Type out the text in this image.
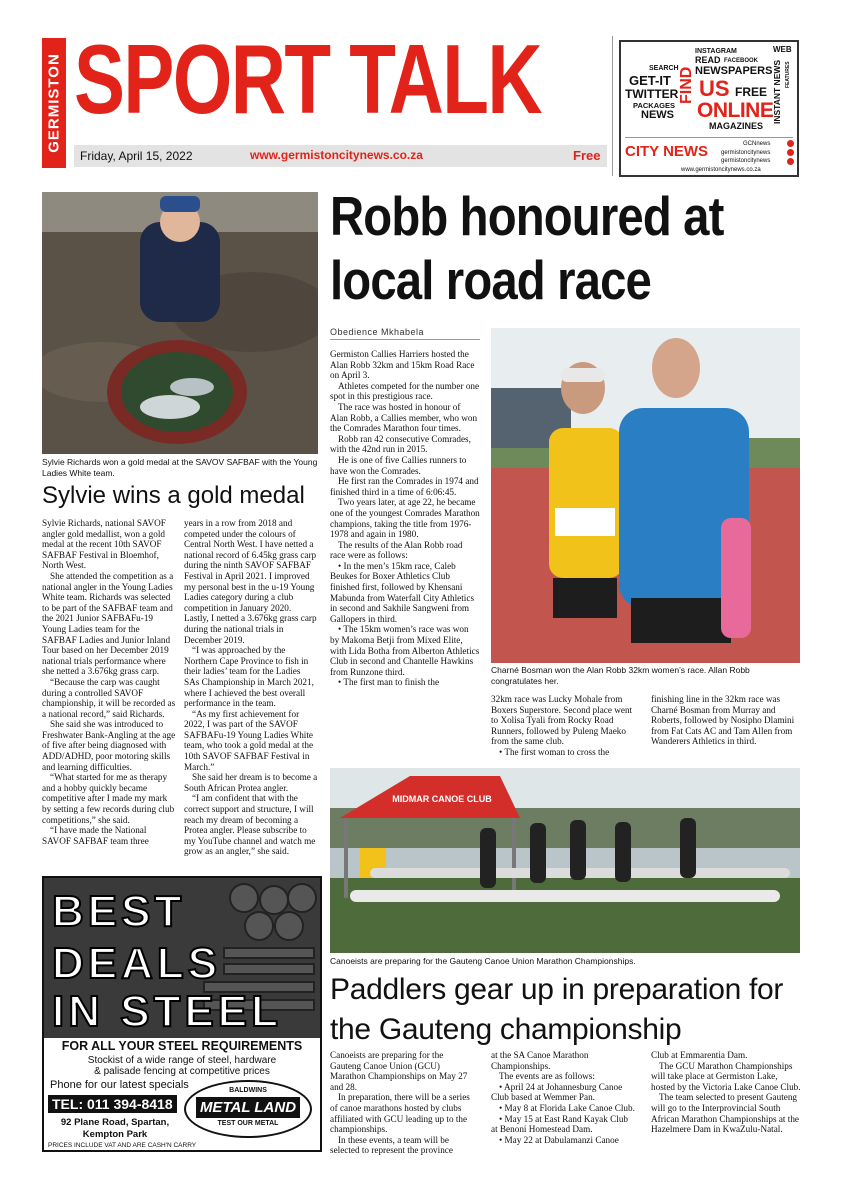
GERMISTON SPORT TALK
Friday, April 15, 2022	www.germistoncitynews.co.za	Free
INSTAGRAM
READ FACEBOOK
WEB
SEARCH NEWSPAPERS
GET-IT FIND	INSTANT NEWS FEATURES
TWITTER US FREE
PACKAGES ONLINE
NEWS
MAGAZINES
CITY NEWS	GCNnews
germistoncitynews
germistoncitynews
www.germistoncitynews.co.za
Sylvie Richards won a gold medal at the SAVOV SAFBAF with the Young Ladies White team.
Sylvie wins a gold medal

Sylvie Richards, national SAVOF angler gold medallist, won a gold medal at the recent 10th SAVOF SAFBAF Festival in Bloemhof, North West.

She attended the competition as a national angler in the Young Ladies White team. Richards was selected to be part of the SAFBAF team and the 2021 Junior SAFBAFu-19 Young Ladies team for the SAFBAF Ladies and Junior Inland Tour based on her December 2019 national trials performance where she netted a 3.676kg grass carp.

“Because the carp was caught during a controlled SAVOF championship, it will be recorded as a national record,” said Richards.

She said she was introduced to Freshwater Bank-Angling at the age of five after being diagnosed with ADD/ADHD, poor motoring skills and learning difficulties.

“What started for me as therapy and a hobby quickly became competitive after I made my mark by setting a few records during club competitions,” she said.

“I have made the National SAVOF SAFBAF team three

years in a row from 2018 and competed under the colours of Central North West. I have netted a national record of 6.45kg grass carp during the ninth SAVOF SAFBAF Festival in April 2021. I improved my personal best in the u-19 Young Ladies category during a club competition in January 2020. Lastly, I netted a 3.676kg grass carp during the national trials in December 2019.

“I was approached by the Northern Cape Province to fish in their ladies’ team for the Ladies SAs Championship in March 2021, where I achieved the best overall performance in the team.

“As my first achievement for 2022, I was part of the SAVOF SAFBAFu-19 Young Ladies White team, who took a gold medal at the 10th SAVOF SAFBAF Festival in March.”

She said her dream is to become a South African Protea angler.

“I am confident that with the correct support and structure, I will reach my dream of becoming a Protea angler. Please subscribe to my YouTube channel and watch me grow as an angler,” she said.

BEST
DEALS
IN STEEL
FOR ALL YOUR STEEL REQUIREMENTS
Stockist of a wide range of steel, hardware
& palisade fencing at competitive prices
Phone for our latest specials
TEL: 011 394-8418
92 Plane Road, Spartan,
Kempton Park
PRICES INCLUDE VAT AND ARE CASH'N CARRY
BALDWINS
METAL LAND
TEST OUR METAL
Robb honoured at local road race
Obedience Mkhabela

Germiston Callies Harriers hosted the Alan Robb 32km and 15km Road Race on April 3.

Athletes competed for the number one spot in this prestigious race.

The race was hosted in honour of Alan Robb, a Callies member, who won the Comrades Marathon four times.

Robb ran 42 consecutive Comrades, with the 42nd run in 2015.

He is one of five Callies runners to have won the Comrades.

He first ran the Comrades in 1974 and finished third in a time of 6:06:45.

Two years later, at age 22, he became one of the youngest Comrades Marathon champions, taking the title from 1976-1978 and again in 1980.

The results of the Alan Robb road race were as follows:

• In the men’s 15km race, Caleb Beukes for Boxer Athletics Club finished first, followed by Khensani Mabunda from Waterfall City Athletics in second and Sakhile Sangweni from Gallopers in third.

• The 15km women’s race was won by Makoma Betji from Mixed Elite, with Lida Botha from Alberton Athletics Club in second and Chantelle Hawkins from Runzone third.

• The first man to finish the

Charné Bosman won the Alan Robb 32km women’s race. Allan Robb congratulates her.

32km race was Lucky Mohale from Boxers Superstore. Second place went to Xolisa Tyali from Rocky Road Runners, followed by Puleng Maeko from the same club.

• The first woman to cross the

finishing line in the 32km race was Charné Bosman from Murray and Roberts, followed by Nosipho Dlamini from Fat Cats AC and Tam Allen from Wanderers Athletics in third.

MIDMAR CANOE CLUB
Canoeists are preparing for the Gauteng Canoe Union Marathon Championships.
Paddlers gear up in preparation for the Gauteng championship

Canoeists are preparing for the Gauteng Canoe Union (GCU) Marathon Championships on May 27 and 28.

In preparation, there will be a series of canoe marathons hosted by clubs affiliated with GCU leading up to the championships.

In these events, a team will be selected to represent the province

at the SA Canoe Marathon Championships.

The events are as follows:

• April 24 at Johannesburg Canoe Club based at Wemmer Pan.

• May 8 at Florida Lake Canoe Club.

• May 15 at East Rand Kayak Club at Benoni Homestead Dam.

• May 22 at Dabulamanzi Canoe

Club at Emmarentia Dam.

The GCU Marathon Championships will take place at Germiston Lake, hosted by the Victoria Lake Canoe Club.

The team selected to present Gauteng will go to the Interprovincial South African Marathon Championships at the Hazelmere Dam in KwaZulu-Natal.
